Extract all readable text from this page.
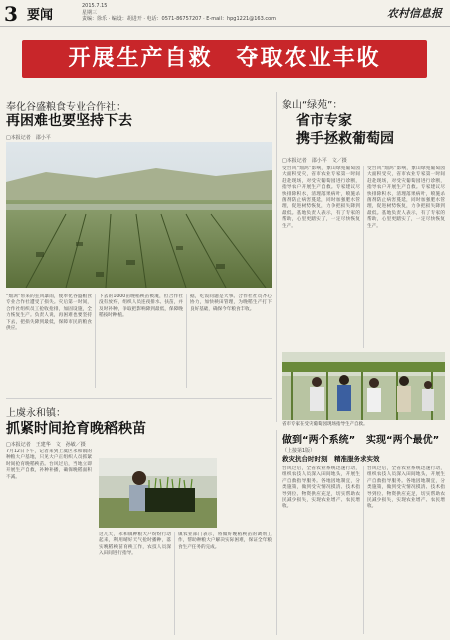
3 要闻
2015.7.15
星期三
责编：徐乐 · 编设：胡进开 · 电话：0571-86757207 · E-mail：hpg1221@163.com	农村信息报
开展生产自救　夺取农业丰收
奉化谷盛粮食专业合作社：
再困难也要坚持下去
□本报记者　邵小平
“灿鸿”带来的狂风暴雨，使奉化谷盛粮食专业合作社遭受了损失。灾后第一时间，合作社组织员工抢收抢排，加固设施，全力恢复生产。负责人说，再困难也要坚持下去，把损失降到最低，保障市民的粮食供应。
下去的1000亩晚稻秧苗被淹，但合作社没有放弃，组织人员连夜排水、扶苗，并及时补种，争取把影响降到最低，保障晚稻按时种植。
据，吃饭问题是大事。合作社社员齐心协力，加快秧田管理，为晚稻生产打下良好基础，确保今年粮食丰收。
象山“绿苑”：
省市专家
携手拯救葡萄园
□本报记者　邵小平　文／摄
受台风“灿鸿”影响，象山绿苑葡萄园大面积受灾，省市农业专家第一时间赶赴现场，对受灾葡萄园进行诊断，指导农户开展生产自救。专家建议尽快排除积水，清理落果病叶，喷施杀菌剂防止病害蔓延，同时加强肥水管理，促进树势恢复，力争把损失降到最低。基地负责人表示，有了专家的帮助，心里更踏实了，一定尽快恢复生产。
受台风“灿鸿”影响，象山绿苑葡萄园大面积受灾，省市农业专家第一时间赶赴现场，对受灾葡萄园进行诊断，指导农户开展生产自救。专家建议尽快排除积水，清理落果病叶，喷施杀菌剂防止病害蔓延，同时加强肥水管理，促进树势恢复，力争把损失降到最低。基地负责人表示，有了专家的帮助，心里更踏实了，一定尽快恢复生产。
省市专家在受灾葡萄园现场指导生产自救。
上虞永和镇：
抓紧时间抢育晚稻秧苗
□本报记者　王建华　文　孙敏／摄
7月12日下午，记者来到上虞区永和镇的种粮大户基地，只见大户正组织人员抓紧时间抢育晚稻秧苗。台风过后，当地立即开展生产自救，补种补播，确保晚稻面积不减。
这几天，永和镇种粮大户纷纷行动起来，利用晴好天气抢时播种，落实晚稻秧苗育秧工作，农技人员深入田间进行指导。
镇农业部门表示，将做好晚稻秧苗的调剂工作，帮助种粮大户解决实际困难，保证全年粮食生产任务的完成。
做到“两个系统” 实现“两个最优”
（上接第1版）
救灾抗台时时刻　精准服务求实效
台风过后，全省农业系统迅速行动，组织农技人员深入田间地头，开展生产自救指导服务。各地因地制宜，分类施策，做到受灾情况摸清、技术指导到位、物资供应充足，切实帮助农民减少损失，实现农业增产、农民增收。
台风过后，全省农业系统迅速行动，组织农技人员深入田间地头，开展生产自救指导服务。各地因地制宜，分类施策，做到受灾情况摸清、技术指导到位、物资供应充足，切实帮助农民减少损失，实现农业增产、农民增收。
